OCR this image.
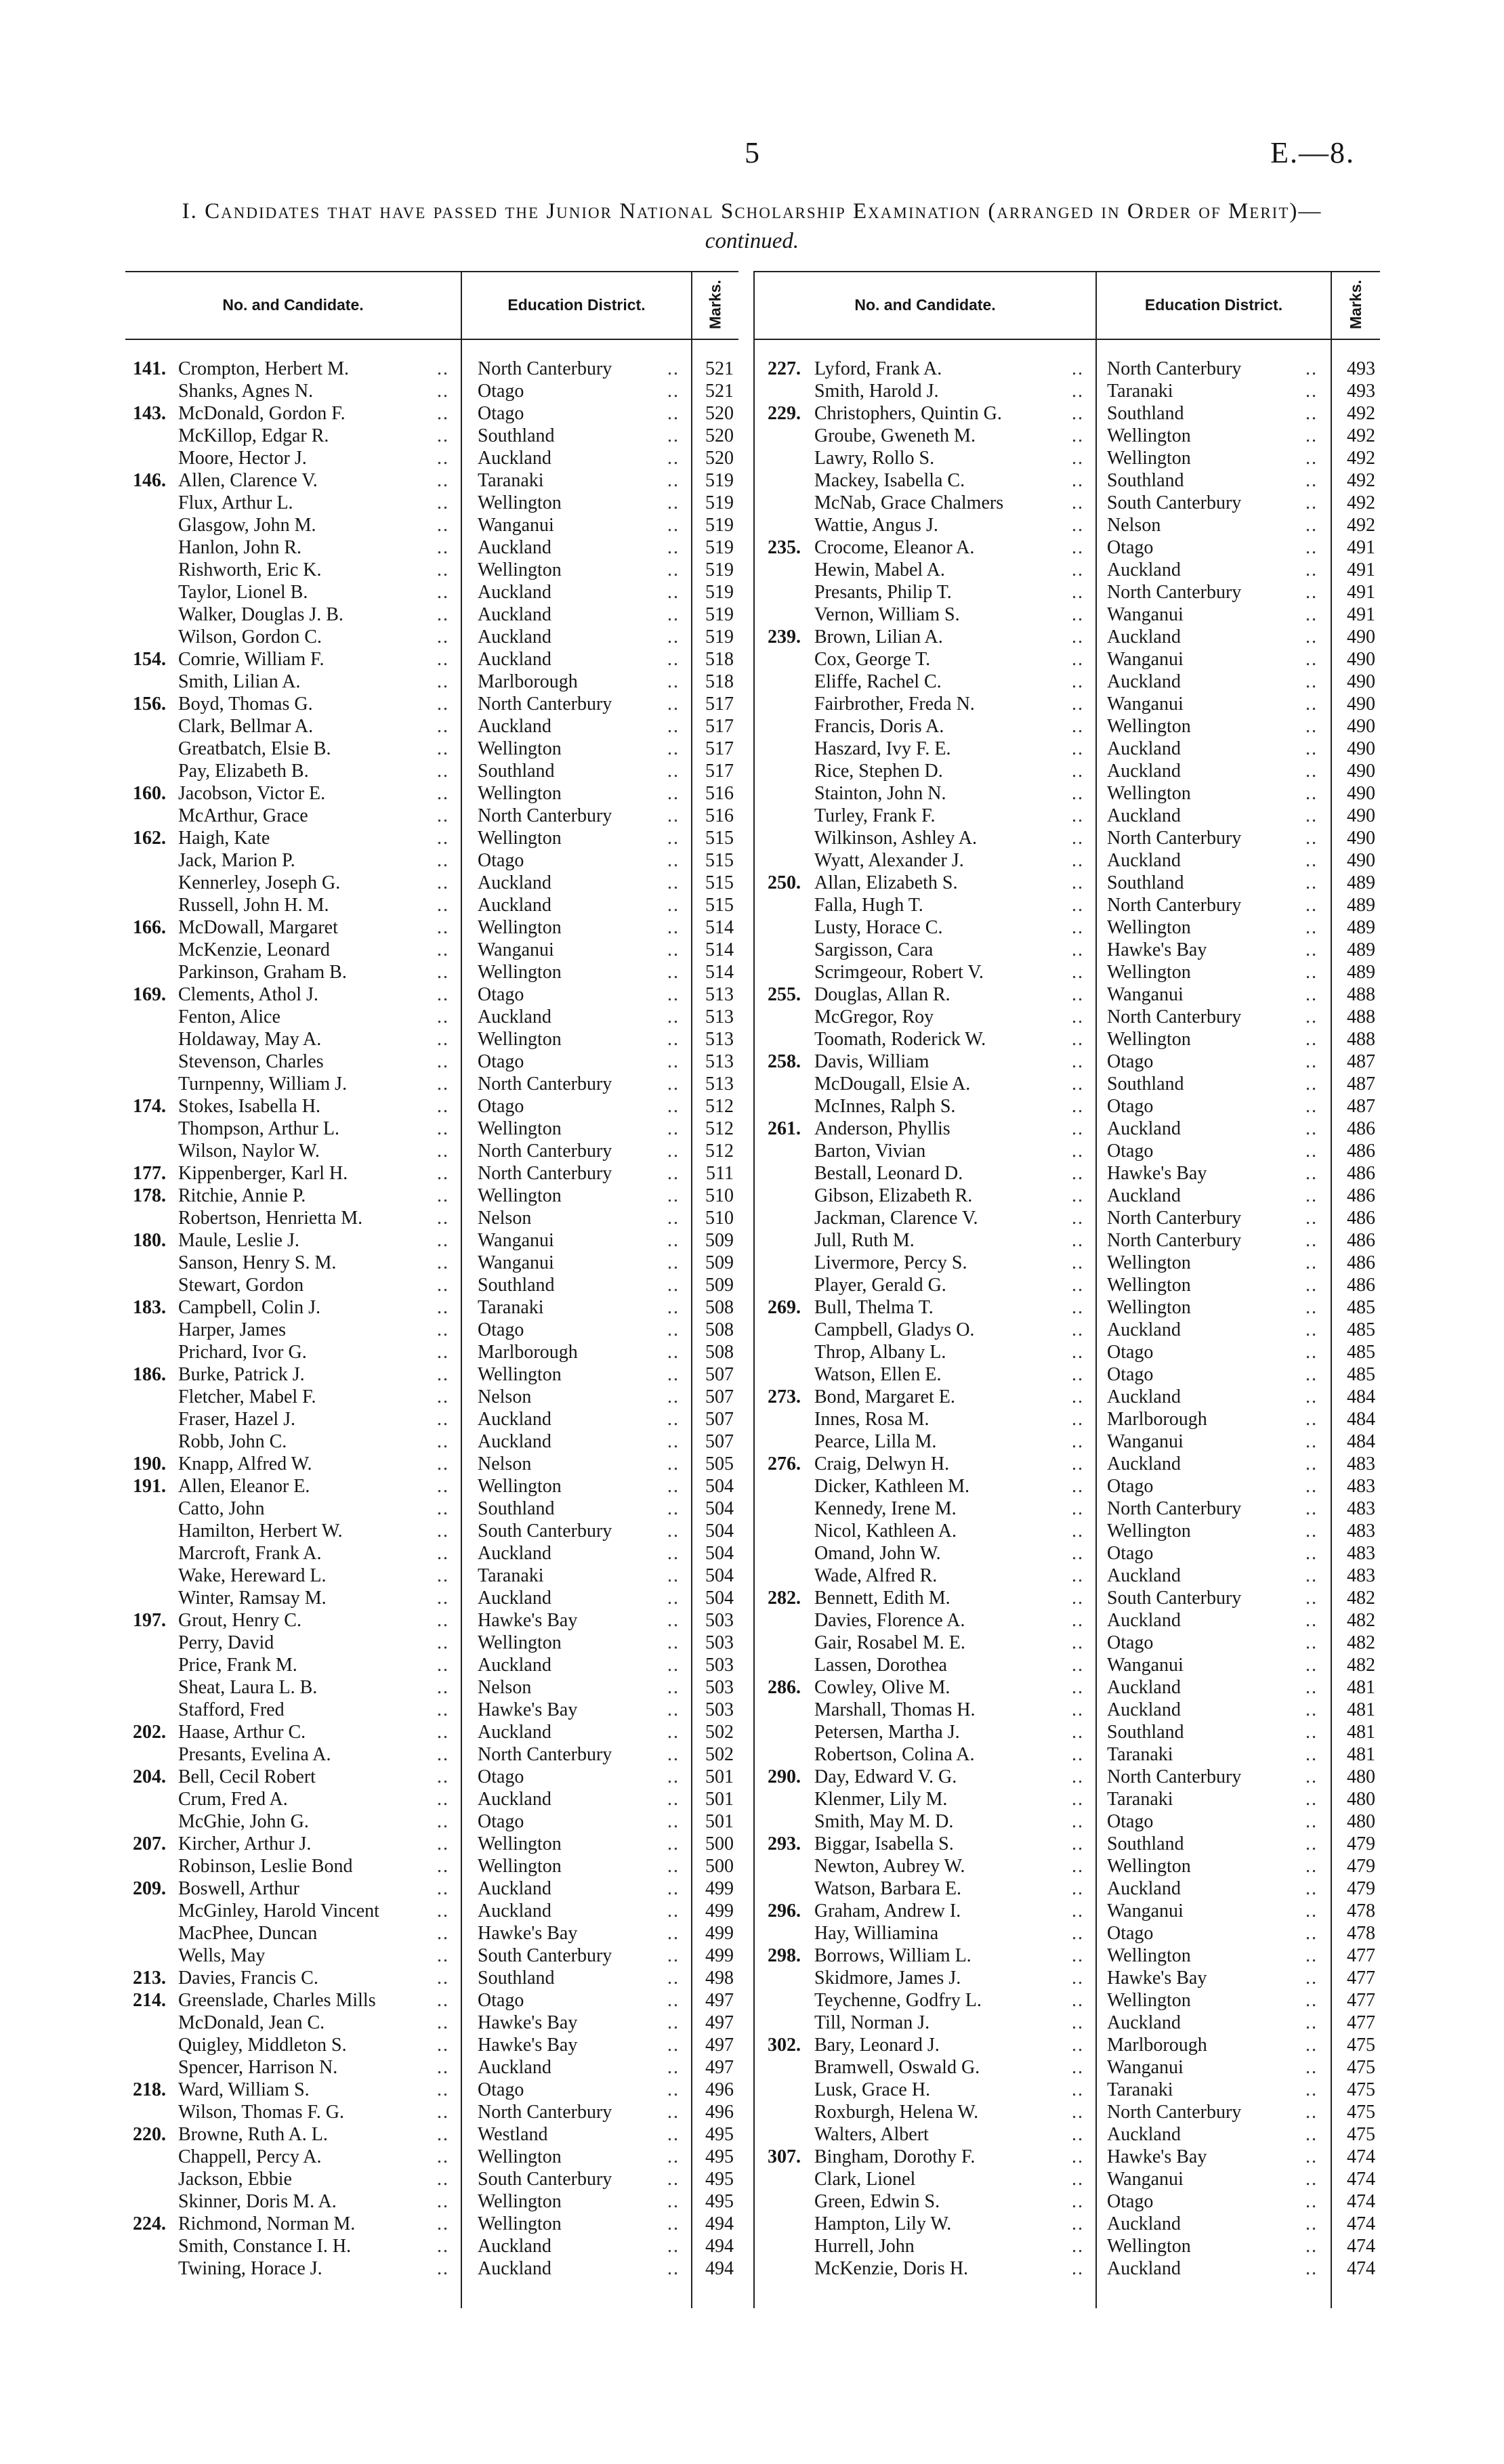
5	E.—8.
I. Candidates that have passed the Junior National Scholarship Examination (arranged in Order of Merit)—continued.
No. and Candidate.	Education District.	Marks.
141. Crompton, Herbert M.	North Canterbury	521
..	..
Shanks, Agnes N.	Otago	521
..	..
143. McDonald, Gordon F.	Otago	520
..	..
McKillop, Edgar R.	Southland	520
..	..
Moore, Hector J.	Auckland	520
..	..
146. Allen, Clarence V.	Taranaki	519
..	..
Flux, Arthur L.	Wellington	519
..	..
Glasgow, John M.	Wanganui	519
..	..
Hanlon, John R.	Auckland	519
..	..
Rishworth, Eric K.	Wellington	519
..	..
Taylor, Lionel B.	Auckland	519
..	..
Walker, Douglas J. B.	Auckland	519
..	..
Wilson, Gordon C.	Auckland	519
..	..
154. Comrie, William F.	Auckland	518
..	..
Smith, Lilian A.	Marlborough	518
..	..
156. Boyd, Thomas G.	North Canterbury	517
..	..
Clark, Bellmar A.	Auckland	517
..	..
Greatbatch, Elsie B.	Wellington	517
..	..
Pay, Elizabeth B.	Southland	517
..	..
160. Jacobson, Victor E.	Wellington	516
..	..
McArthur, Grace	North Canterbury	516
..	..
162. Haigh, Kate	Wellington	515
..	..
Jack, Marion P.	Otago	515
..	..
Kennerley, Joseph G.	Auckland	515
..	..
Russell, John H. M.	Auckland	515
..	..
166. McDowall, Margaret	Wellington	514
..	..
McKenzie, Leonard	Wanganui	514
..	..
Parkinson, Graham B.	Wellington	514
..	..
169. Clements, Athol J.	Otago	513
..	..
Fenton, Alice	Auckland	513
..	..
Holdaway, May A.	Wellington	513
..	..
Stevenson, Charles	Otago	513
..	..
Turnpenny, William J.	North Canterbury	513
..	..
174. Stokes, Isabella H.	Otago	512
..	..
Thompson, Arthur L.	Wellington	512
..	..
Wilson, Naylor W.	North Canterbury	512
..	..
177. Kippenberger, Karl H.	North Canterbury	511
..	..
178. Ritchie, Annie P.	Wellington	510
..	..
Robertson, Henrietta M.	Nelson	510
..	..
180. Maule, Leslie J.	Wanganui	509
..	..
Sanson, Henry S. M.	Wanganui	509
..	..
Stewart, Gordon	Southland	509
..	..
183. Campbell, Colin J.	Taranaki	508
..	..
Harper, James	Otago	508
..	..
Prichard, Ivor G.	Marlborough	508
..	..
186. Burke, Patrick J.	Wellington	507
..	..
Fletcher, Mabel F.	Nelson	507
..	..
Fraser, Hazel J.	Auckland	507
..	..
Robb, John C.	Auckland	507
..	..
190. Knapp, Alfred W.	Nelson	505
..	..
191. Allen, Eleanor E.	Wellington	504
..	..
Catto, John	Southland	504
..	..
Hamilton, Herbert W.	South Canterbury	504
..	..
Marcroft, Frank A.	Auckland	504
..	..
Wake, Hereward L.	Taranaki	504
..	..
Winter, Ramsay M.	Auckland	504
..	..
197. Grout, Henry C.	Hawke's Bay	503
..	..
Perry, David	Wellington	503
..	..
Price, Frank M.	Auckland	503
..	..
Sheat, Laura L. B.	Nelson	503
..	..
Stafford, Fred	Hawke's Bay	503
..	..
202. Haase, Arthur C.	Auckland	502
..	..
Presants, Evelina A.	North Canterbury	502
..	..
204. Bell, Cecil Robert	Otago	501
..	..
Crum, Fred A.	Auckland	501
..	..
McGhie, John G.	Otago	501
..	..
207. Kircher, Arthur J.	Wellington	500
..	..
Robinson, Leslie Bond	Wellington	500
..	..
209. Boswell, Arthur	Auckland	499
..	..
McGinley, Harold Vincent	Auckland	499
..	..
MacPhee, Duncan	Hawke's Bay	499
..	..
Wells, May	South Canterbury	499
..	..
213. Davies, Francis C.	Southland	498
..	..
214. Greenslade, Charles Mills	Otago	497
..	..
McDonald, Jean C.	Hawke's Bay	497
..	..
Quigley, Middleton S.	Hawke's Bay	497
..	..
Spencer, Harrison N.	Auckland	497
..	..
218. Ward, William S.	Otago	496
..	..
Wilson, Thomas F. G.	North Canterbury	496
..	..
220. Browne, Ruth A. L.	Westland	495
..	..
Chappell, Percy A.	Wellington	495
..	..
Jackson, Ebbie	South Canterbury	495
..	..
Skinner, Doris M. A.	Wellington	495
..	..
224. Richmond, Norman M.	Wellington	494
..	..
Smith, Constance I. H.	Auckland	494
..	..
Twining, Horace J.	Auckland	494
..	..
No. and Candidate.	Education District.	Marks.
227. Lyford, Frank A.	North Canterbury	493
..	..
Smith, Harold J.	Taranaki	493
..	..
229. Christophers, Quintin G.	Southland	492
..	..
Groube, Gweneth M.	Wellington	492
..	..
Lawry, Rollo S.	Wellington	492
..	..
Mackey, Isabella C.	Southland	492
..	..
McNab, Grace Chalmers	South Canterbury	492
..	..
Wattie, Angus J.	Nelson	492
..	..
235. Crocome, Eleanor A.	Otago	491
..	..
Hewin, Mabel A.	Auckland	491
..	..
Presants, Philip T.	North Canterbury	491
..	..
Vernon, William S.	Wanganui	491
..	..
239. Brown, Lilian A.	Auckland	490
..	..
Cox, George T.	Wanganui	490
..	..
Eliffe, Rachel C.	Auckland	490
..	..
Fairbrother, Freda N.	Wanganui	490
..	..
Francis, Doris A.	Wellington	490
..	..
Haszard, Ivy F. E.	Auckland	490
..	..
Rice, Stephen D.	Auckland	490
..	..
Stainton, John N.	Wellington	490
..	..
Turley, Frank F.	Auckland	490
..	..
Wilkinson, Ashley A.	North Canterbury	490
..	..
Wyatt, Alexander J.	Auckland	490
..	..
250. Allan, Elizabeth S.	Southland	489
..	..
Falla, Hugh T.	North Canterbury	489
..	..
Lusty, Horace C.	Wellington	489
..	..
Sargisson, Cara	Hawke's Bay	489
..	..
Scrimgeour, Robert V.	Wellington	489
..	..
255. Douglas, Allan R.	Wanganui	488
..	..
McGregor, Roy	North Canterbury	488
..	..
Toomath, Roderick W.	Wellington	488
..	..
258. Davis, William	Otago	487
..	..
McDougall, Elsie A.	Southland	487
..	..
McInnes, Ralph S.	Otago	487
..	..
261. Anderson, Phyllis	Auckland	486
..	..
Barton, Vivian	Otago	486
..	..
Bestall, Leonard D.	Hawke's Bay	486
..	..
Gibson, Elizabeth R.	Auckland	486
..	..
Jackman, Clarence V.	North Canterbury	486
..	..
Jull, Ruth M.	North Canterbury	486
..	..
Livermore, Percy S.	Wellington	486
..	..
Player, Gerald G.	Wellington	486
..	..
269. Bull, Thelma T.	Wellington	485
..	..
Campbell, Gladys O.	Auckland	485
..	..
Throp, Albany L.	Otago	485
..	..
Watson, Ellen E.	Otago	485
..	..
273. Bond, Margaret E.	Auckland	484
..	..
Innes, Rosa M.	Marlborough	484
..	..
Pearce, Lilla M.	Wanganui	484
..	..
276. Craig, Delwyn H.	Auckland	483
..	..
Dicker, Kathleen M.	Otago	483
..	..
Kennedy, Irene M.	North Canterbury	483
..	..
Nicol, Kathleen A.	Wellington	483
..	..
Omand, John W.	Otago	483
..	..
Wade, Alfred R.	Auckland	483
..	..
282. Bennett, Edith M.	South Canterbury	482
..	..
Davies, Florence A.	Auckland	482
..	..
Gair, Rosabel M. E.	Otago	482
..	..
Lassen, Dorothea	Wanganui	482
..	..
286. Cowley, Olive M.	Auckland	481
..	..
Marshall, Thomas H.	Auckland	481
..	..
Petersen, Martha J.	Southland	481
..	..
Robertson, Colina A.	Taranaki	481
..	..
290. Day, Edward V. G.	North Canterbury	480
..	..
Klenmer, Lily M.	Taranaki	480
..	..
Smith, May M. D.	Otago	480
..	..
293. Biggar, Isabella S.	Southland	479
..	..
Newton, Aubrey W.	Wellington	479
..	..
Watson, Barbara E.	Auckland	479
..	..
296. Graham, Andrew I.	Wanganui	478
..	..
Hay, Williamina	Otago	478
..	..
298. Borrows, William L.	Wellington	477
..	..
Skidmore, James J.	Hawke's Bay	477
..	..
Teychenne, Godfry L.	Wellington	477
..	..
Till, Norman J.	Auckland	477
..	..
302. Bary, Leonard J.	Marlborough	475
..	..
Bramwell, Oswald G.	Wanganui	475
..	..
Lusk, Grace H.	Taranaki	475
..	..
Roxburgh, Helena W.	North Canterbury	475
..	..
Walters, Albert	Auckland	475
..	..
307. Bingham, Dorothy F.	Hawke's Bay	474
..	..
Clark, Lionel	Wanganui	474
..	..
Green, Edwin S.	Otago	474
..	..
Hampton, Lily W.	Auckland	474
..	..
Hurrell, John	Wellington	474
..	..
McKenzie, Doris H.	Auckland	474
..	..
